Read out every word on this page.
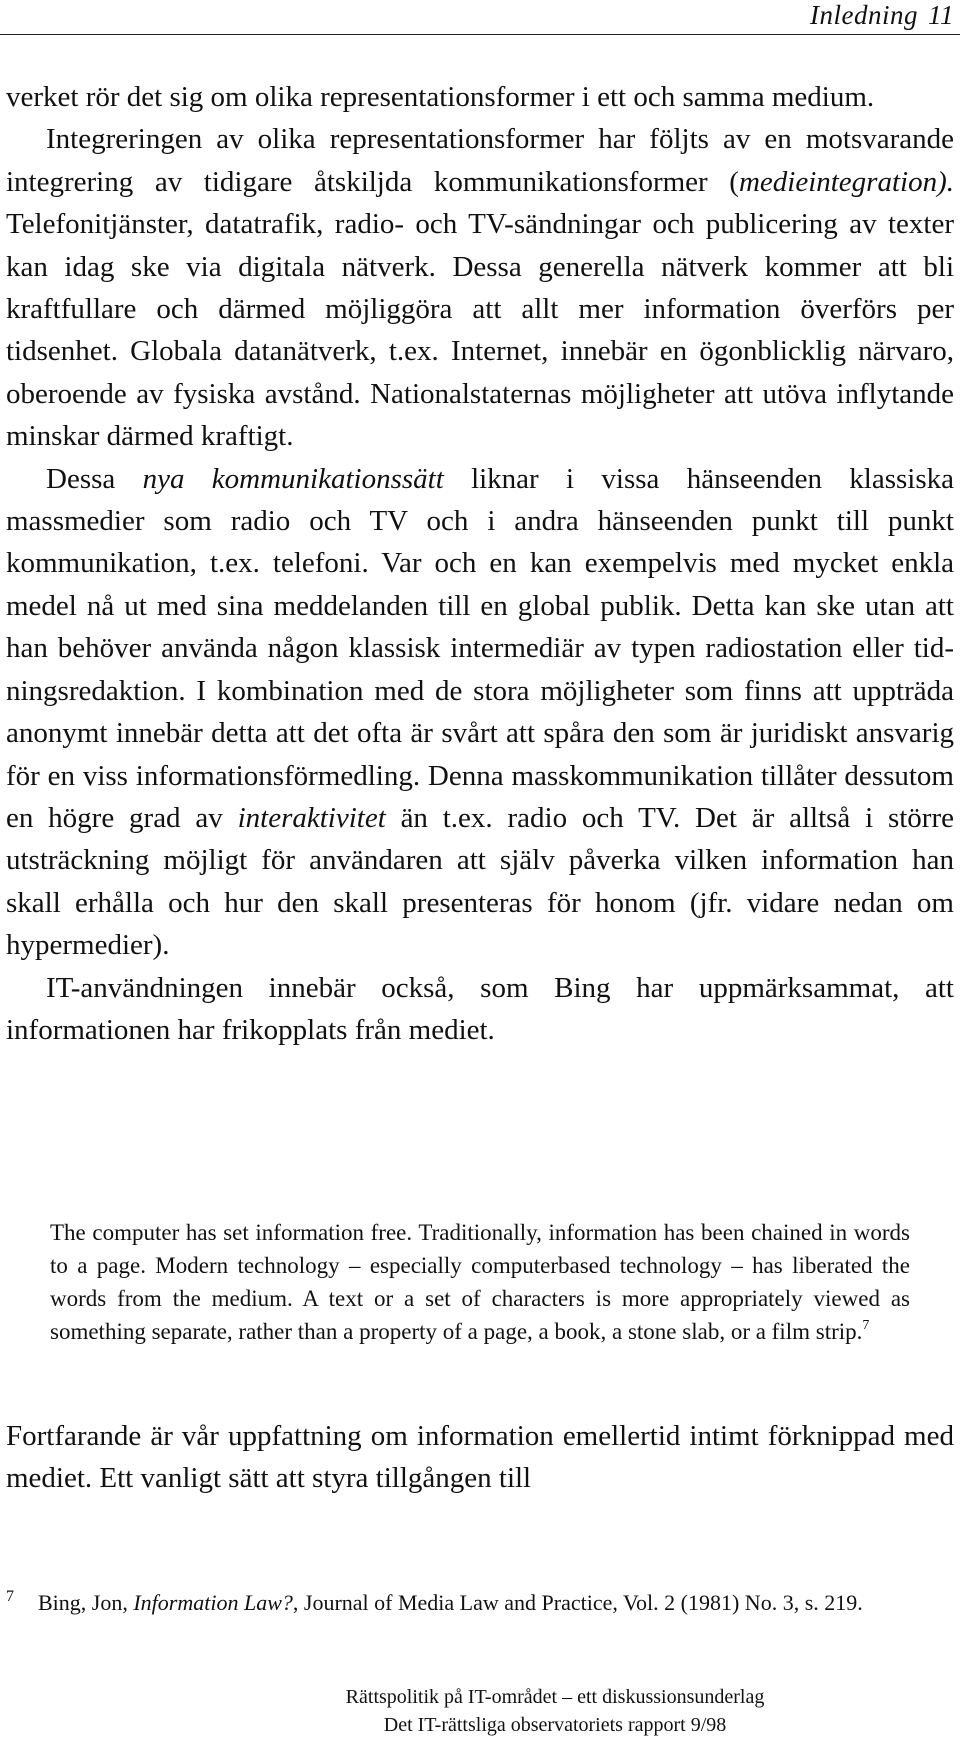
Inledning 11

verket rör det sig om olika representationsformer i ett och samma medium.

Integreringen av olika representationsformer har följts av en motsvarande integrering av tidigare åtskiljda kommunikationsformer (medieintegration). Telefonitjänster, datatrafik, radio- och TV-sändningar och publicering av texter kan idag ske via digitala nätverk. Dessa generella nätverk kommer att bli kraftfullare och därmed möjliggöra att allt mer information överförs per tidsenhet. Globala datanätverk, t.ex. Internet, innebär en ögonblicklig närvaro, oberoende av fysiska avstånd. Nationalstaternas möjligheter att utöva inflytande minskar därmed kraftigt.

Dessa nya kommunikationssätt liknar i vissa hänseenden klassiska massmedier som radio och TV och i andra hänseenden punkt till punkt kommunikation, t.ex. telefoni. Var och en kan exempelvis med mycket enkla medel nå ut med sina meddelanden till en global publik. Detta kan ske utan att han behöver använda någon klassisk intermediär av typen radiostation eller tidningsredaktion. I kombination med de stora möjligheter som finns att uppträda anonymt innebär detta att det ofta är svårt att spåra den som är juridiskt ansvarig för en viss informationsförmedling. Denna masskommunikation tillåter dessutom en högre grad av interaktivitet än t.ex. radio och TV. Det är alltså i större utsträckning möjligt för användaren att själv påverka vilken information han skall erhålla och hur den skall presenteras för honom (jfr. vidare nedan om hypermedier).

IT-användningen innebär också, som Bing har uppmärksammat, att informationen har frikopplats från mediet.

The computer has set information free. Traditionally, information has been chained in words to a page. Modern technology – especially computerbased technology – has liberated the words from the medium. A text or a set of characters is more appropriately viewed as something separate, rather than a property of a page, a book, a stone slab, or a film strip.$^7$
Fortfarande är vår uppfattning om information emellertid intimt förknippad med mediet. Ett vanligt sätt att styra tillgången till
7 Bing, Jon, Information Law?, Journal of Media Law and Practice, Vol. 2 (1981) No. 3, s. 219.
Rättspolitik på IT-området – ett diskussionsunderlag
Det IT-rättsliga observatoriets rapport 9/98
